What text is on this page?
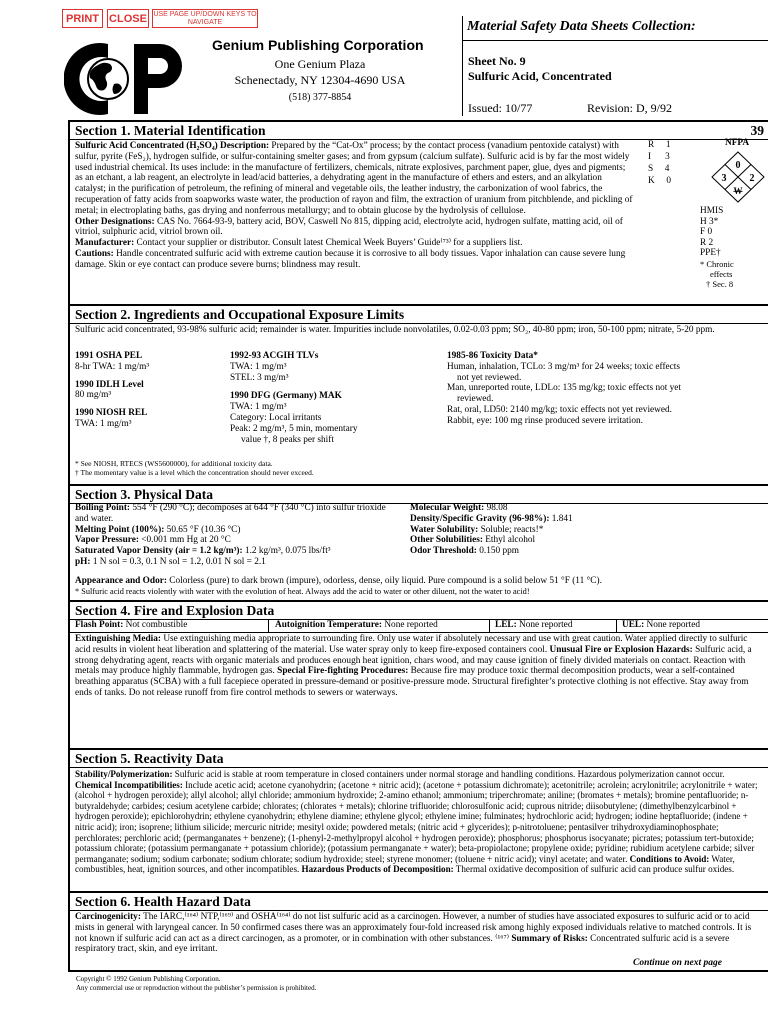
PRINT CLOSE USE PAGE UP/DOWN KEYS TO NAVIGATE
Genium Publishing Corporation
One Genium Plaza
Schenectady, NY 12304-4690 USA
(518) 377-8854
Material Safety Data Sheets Collection:
Sheet No. 9
Sulfuric Acid, Concentrated
Issued: 10/77	Revision: D, 9/92
Section 1. Material Identification	39

Sulfuric Acid Concentrated (H₂SO₄) Description: Prepared by the “Cat-Ox” process; by the contact process (vanadium pentoxide catalyst) with sulfur, pyrite (FeS₂), hydrogen sulfide, or sulfur-containing smelter gases; and from gypsum (calcium sulfate). Sulfuric acid is by far the most widely used industrial chemical. Its uses include: in the manufacture of fertilizers, chemicals, nitrate explosives, parchment paper, glue, dyes and pigments; as an etchant, a lab reagent, an electrolyte in lead/acid batteries, a dehydrating agent in the manufacture of ethers and esters, and an alkylation catalyst; in the purification of petroleum, the refining of mineral and vegetable oils, the leather industry, the carbonization of wool fabrics, the recuperation of fatty acids from soapworks waste water, the production of rayon and film, the extraction of uranium from pitchblende, and pickling of metal; in electroplating baths, gas drying and nonferrous metallurgy; and to obtain glucose by the hydrolysis of cellulose.

Other Designations: CAS No. 7664-93-9, battery acid, BOV, Caswell No 815, dipping acid, electrolyte acid, hydrogen sulfate, matting acid, oil of vitriol, sulphuric acid, vitriol brown oil.

Manufacturer: Contact your supplier or distributor. Consult latest Chemical Week Buyers’ Guide⁽⁷³⁾ for a suppliers list.

Cautions: Handle concentrated sulfuric acid with extreme caution because it is corrosive to all body tissues. Vapor inhalation can cause severe lung damage. Skin or eye contact can produce severe burns; blindness may result.

R 1
I 3
S 4
K 0
NFPA
0
3 2
W
HMIS
H 3*
F 0
R 2
PPE†
* Chronic
effects
† Sec. 8
Section 2. Ingredients and Occupational Exposure Limits

Sulfuric acid concentrated, 93-98% sulfuric acid; remainder is water. Impurities include nonvolatiles, 0.02-0.03 ppm; SO₂, 40-80 ppm; iron, 50-100 ppm; nitrate, 5-20 ppm.

1991 OSHA PEL
8-hr TWA: 1 mg/m³
1990 IDLH Level
80 mg/m³
1990 NIOSH REL
TWA: 1 mg/m³
1992-93 ACGIH TLVs
TWA: 1 mg/m³
STEL: 3 mg/m³
1990 DFG (Germany) MAK
TWA: 1 mg/m³
Category: Local irritants
Peak: 2 mg/m³, 5 min, momentary
value †, 8 peaks per shift
1985-86 Toxicity Data*
Human, inhalation, TCLo: 3 mg/m³ for 24 weeks; toxic effects
not yet reviewed.
Man, unreported route, LDLo: 135 mg/kg; toxic effects not yet
reviewed.
Rat, oral, LD50: 2140 mg/kg; toxic effects not yet reviewed.
Rabbit, eye: 100 mg rinse produced severe irritation.
* See NIOSH, RTECS (WS5600000), for additional toxicity data.
† The momentary value is a level which the concentration should never exceed.
Section 3. Physical Data
Boiling Point: 554 °F (290 °C); decomposes at 644 °F (340 °C) into sulfur trioxide and water.
Melting Point (100%): 50.65 °F (10.36 °C)
Vapor Pressure: <0.001 mm Hg at 20 °C
Saturated Vapor Density (air = 1.2 kg/m³): 1.2 kg/m³, 0.075 lbs/ft³
pH: 1 N sol = 0.3, 0.1 N sol = 1.2, 0.01 N sol = 2.1
Molecular Weight: 98.08
Density/Specific Gravity (96-98%): 1.841
Water Solubility: Soluble; reacts!*
Other Solubilities: Ethyl alcohol
Odor Threshold: 0.150 ppm
Appearance and Odor: Colorless (pure) to dark brown (impure), odorless, dense, oily liquid. Pure compound is a solid below 51 °F (11 °C).
* Sulfuric acid reacts violently with water with the evolution of heat. Always add the acid to water or other diluent, not the water to acid!
Section 4. Fire and Explosion Data
Flash Point: Not combustible	Autoignition Temperature: None reported	LEL: None reported	UEL: None reported

Extinguishing Media: Use extinguishing media appropriate to surrounding fire. Only use water if absolutely necessary and use with great caution. Water applied directly to sulfuric acid results in violent heat liberation and splattering of the material. Use water spray only to keep fire-exposed containers cool. Unusual Fire or Explosion Hazards: Sulfuric acid, a strong dehydrating agent, reacts with organic materials and produces enough heat ignition, chars wood, and may cause ignition of finely divided materials on contact. Reaction with metals may produce highly flammable, hydrogen gas. Special Fire-fighting Procedures: Because fire may produce toxic thermal decomposition products, wear a self-contained breathing apparatus (SCBA) with a full facepiece operated in pressure-demand or positive-pressure mode. Structural firefighter’s protective clothing is not effective. Stay away from ends of tanks. Do not release runoff from fire control methods to sewers or waterways.

Section 5. Reactivity Data

Stability/Polymerization: Sulfuric acid is stable at room temperature in closed containers under normal storage and handling conditions. Hazardous polymerization cannot occur. Chemical Incompatibilities: Include acetic acid; acetone cyanohydrin; (acetone + nitric acid); (acetone + potassium dichromate); acetonitrile; acrolein; acrylonitrile; acrylonitrile + water; (alcohol + hydrogen peroxide); allyl alcohol; allyl chloride; ammonium hydroxide; 2-amino ethanol; ammonium; triperchromate; aniline; (bromates + metals); bromine pentafluoride; n-butyraldehyde; carbides; cesium acetylene carbide; chlorates; (chlorates + metals); chlorine trifluoride; chlorosulfonic acid; cuprous nitride; diisobutylene; (dimethylbenzylcarbinol + hydrogen peroxide); epichlorohydrin; ethylene cyanohydrin; ethylene diamine; ethylene glycol; ethylene imine; fulminates; hydrochloric acid; hydrogen; iodine heptafluoride; (indene + nitric acid); iron; isoprene; lithium silicide; mercuric nitride; mesityl oxide; powdered metals; (nitric acid + glycerides); p-nitrotoluene; pentasilver trihydroxydiaminophosphate; perchlorates; perchloric acid; (permanganates + benzene); (1-phenyl-2-methylpropyl alcohol + hydrogen peroxide); phosphorus; phosphorus isocyanate; picrates; potassium tert-butoxide; potassium chlorate; (potassium permanganate + potassium chloride); (potassium permanganate + water); beta-propiolactone; propylene oxide; pyridine; rubidium acetylene carbide; silver permanganate; sodium; sodium carbonate; sodium chlorate; sodium hydroxide; steel; styrene monomer; (toluene + nitric acid); vinyl acetate; and water. Conditions to Avoid: Water, combustibles, heat, ignition sources, and other incompatibles. Hazardous Products of Decomposition: Thermal oxidative decomposition of sulfuric acid can produce sulfur oxides.

Section 6. Health Hazard Data

Carcinogenicity: The IARC,⁽¹⁶⁴⁾ NTP,⁽¹⁶⁹⁾ and OSHA⁽¹⁶⁴⁾ do not list sulfuric acid as a carcinogen. However, a number of studies have associated exposures to sulfuric acid or to acid mists in general with laryngeal cancer. In 50 confirmed cases there was an approximately four-fold increased risk among highly exposed individuals relative to matched controls. It is not known if sulfuric acid can act as a direct carcinogen, as a promoter, or in combination with other substances. ⁽¹⁶⁷⁾ Summary of Risks: Concentrated sulfuric acid is a severe respiratory tract, skin, and eye irritant.

Continue on next page
Copyright © 1992 Genium Publishing Corporation.
Any commercial use or reproduction without the publisher’s permission is prohibited.
